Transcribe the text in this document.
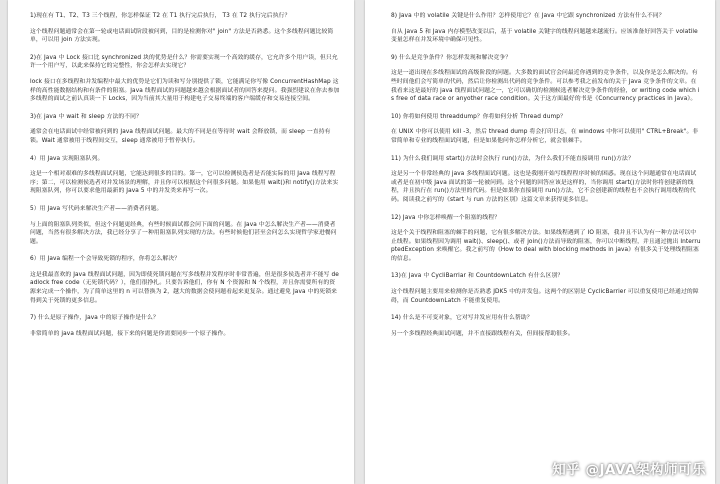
1)现在有 T1、T2、T3 三个线程，你怎样保证 T2 在 T1 执行完后执行， T3 在 T2 执行完后执行？

这个线程问题通常会在第一轮或电话面试阶段被问到，目的是检测你对" join" 方法是否熟悉。这个多线程问题比较简单，可以用 join 方法实现。

2)在 Java 中 Lock 接口比 synchronized 块的优势是什么？你需要实现一个高效的缓存，它允许多个用户读，但只允许一个用户写，以此来保持它的完整性，你会怎样去实现它？

lock 接口在多线程和并发编程中最大的优势是它们为读和写分别提供了锁，它能满足你写像 ConcurrentHashMap 这样的高性能数据结构和有条件的阻塞。Java 线程面试的问题越来越会根据面试者的回答来提问。我强烈建议在你去参加多线程的面试之前认真读一下 Locks，因为当前其大量用于构建电子交易终端的客户端缓存和交易连接空间。

3)在 java 中 wait 和 sleep 方法的不同？

通常会在电话面试中经常被问到的 Java 线程面试问题。最大的不同是在等待时 wait 会释放锁，而 sleep 一直持有锁。Wait 通常被用于线程间交互，sleep 通常被用于暂停执行。

4）用 Java 实现阻塞队列。

这是一个相对艰难的多线程面试问题，它能达到很多的目的。第一，它可以检测侯选者是否能实际的用 Java 线程写程序；第二，可以检测侯选者对并发场景的理解，并且你可以根据这个问很多问题。如果他用 wait()和 notify()方法来实现阻塞队列，你可以要求他用最新的 Java 5 中的并发类来再写一次。

5）用 Java 写代码来解决生产者——消费者问题。

与上面的阻塞队列类似，但这个问题更经典，有些时候面试都会问下面的问题。在 Java 中怎么解决生产者——消费者问题，当然有很多解决方法，我已经分享了一种用阻塞队列实现的方法。有些时候他们甚至会问怎么实现哲学家进餐问题。

6）用 Java 编程一个会导致死锁的程序，你将怎么解决？

这是我最喜欢的 Java 线程面试问题，因为即使死锁问题在写多线程并发程序时非常普遍，但是很多侯选者并不能写 deadlock free code（无死锁代码？），他们很挣扎。只要告诉他们，你有 N 个资源和 N 个线程，并且你需要所有的资源来完成一个操作，为了简单这里的 n 可以替换为 2，越大的数据会使问题看起来更复杂。通过避免 Java 中的死锁来得到关于死锁的更多信息。

7) 什么是原子操作，Java 中的原子操作是什么？

非常简单的 java 线程面试问题，接下来的问题是你需要同步一个原子操作。

8) Java 中的 volatile 关键是什么作用？怎样使用它？在 Java 中它跟 synchronized 方法有什么不同？

自从 Java 5 和 Java 内存模型改变以后，基于 volatile 关键字的线程问题越来越流行。应该准备好回答关于 volatile 变量怎样在并发环境中确保可见性。

9) 什么是竞争条件？你怎样发现和解决竞争？

这是一道出现在多线程面试的高级阶段的问题。大多数的面试官会问最近你遇到的竞争条件，以及你是怎么解决的。有些时间他们会写简单的代码，然后让你检测出代码的竞争条件。可以参考我之前发布的关于 Java 竞争条件的文章。在我看来这是最好的 java 线程面试问题之一，它可以确切的检测候选者解决竞争条件的经验，or writing code which is free of data race or anyother race condition。关于这方面最好的书是《Concurrency practices in Java》。

10) 你将如何使用 threaddump？你将如何分析 Thread dump？

在 UNIX 中你可以使用 kill -3，然后 thread dump 将会打印日志，在 windows 中你可以使用" CTRL+Break"。非常简单和专业的线程面试问题，但是如果他问你怎样分析它，就会很棘手。

11) 为什么我们调用 start()方法时会执行 run()方法，为什么我们不能直接调用 run()方法？

这是另一个非常经典的 java 多线程面试问题。这也是我刚开始写线程程序时候的困惑。现在这个问题通常在电话面试或者是在初中级 Java 面试的第一轮被问到。这个问题的回答应该是这样的，当你调用 start()方法时你将创建新的线程，并且执行在 run()方法里的代码。但是如果你直接调用 run()方法，它不会创建新的线程也不会执行调用线程的代码。阅读我之前写的《start 与 run 方法的区别》这篇文章来获得更多信息。

12) Java 中你怎样唤醒一个阻塞的线程？

这是个关于线程和阻塞的棘手的问题，它有很多解决方法。如果线程遇到了 IO 阻塞，我并且不认为有一种方法可以中止线程。如果线程因为调用 wait()、sleep()、或者 join()方法而导致的阻塞，你可以中断线程，并且通过抛出 InterruptedException 来唤醒它。我之前写的《How to deal with blocking methods in java》有很多关于处理线程阻塞的信息。

13)在 Java 中 CycliBarriar 和 CountdownLatch 有什么区别？

这个线程问题主要用来检测你是否熟悉 JDK5 中的并发包。这两个的区别是 CyclicBarrier 可以重复使用已经通过的障碍，而 CountdownLatch 不能重复使用。

14) 什么是不可变对象，它对写并发应用有什么帮助？

另一个多线程经典面试问题，并不直接跟线程有关，但间接帮助很多。

知乎 @JAVA架构师可乐
